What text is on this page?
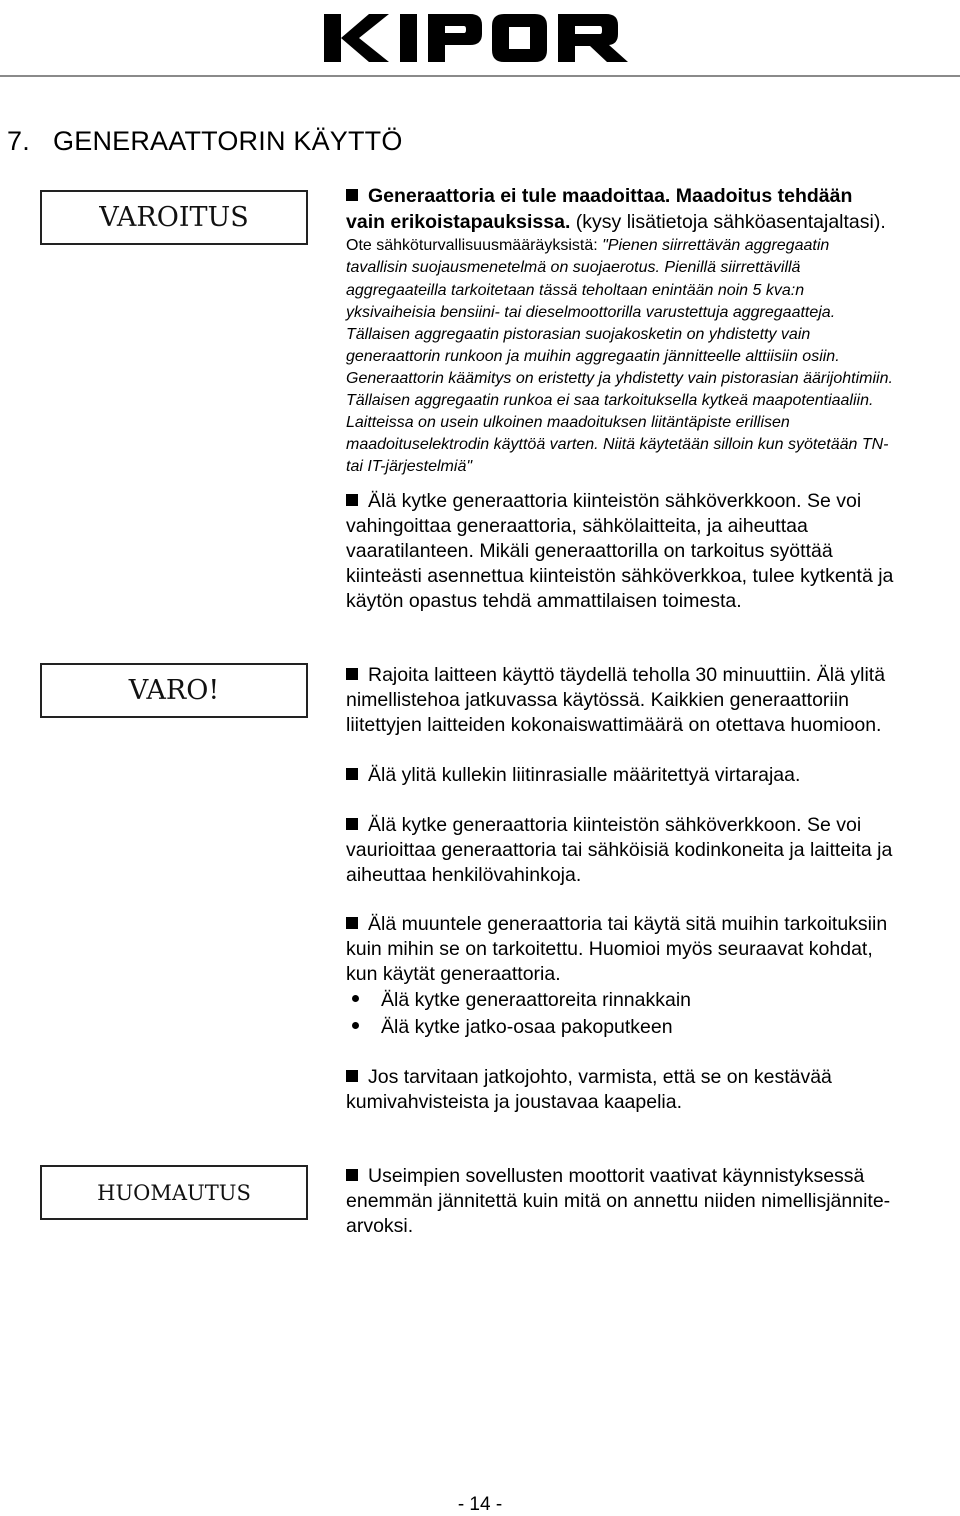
7. GENERAATTORIN KÄYTTÖ
VAROITUS
VARO!
HUOMAUTUS
Generaattoria ei tule maadoittaa. Maadoitus tehdään
vain erikoistapauksissa. (kysy lisätietoja sähköasentajaltasi).
Ote sähköturvallisuusmääräyksistä: "Pienen siirrettävän aggregaatin
tavallisin suojausmenetelmä on suojaerotus. Pienillä siirrettävillä
aggregaateilla tarkoitetaan tässä teholtaan enintään noin 5 kva:n
yksivaiheisia bensiini- tai dieselmoottorilla varustettuja aggregaatteja.
Tällaisen aggregaatin pistorasian suojakosketin on yhdistetty vain
generaattorin runkoon ja muihin aggregaatin jännitteelle alttiisiin osiin.
Generaattorin käämitys on eristetty ja yhdistetty vain pistorasian äärijohtimiin.
Tällaisen aggregaatin runkoa ei saa tarkoituksella kytkeä maapotentiaaliin.
Laitteissa on usein ulkoinen maadoituksen liitäntäpiste erillisen
maadoituselektrodin käyttöä varten. Niitä käytetään silloin kun syötetään TN-
tai IT-järjestelmiä"
Älä kytke generaattoria kiinteistön sähköverkkoon. Se voi
vahingoittaa generaattoria, sähkölaitteita, ja aiheuttaa
vaaratilanteen. Mikäli generaattorilla on tarkoitus syöttää
kiinteästi asennettua kiinteistön sähköverkkoa, tulee kytkentä ja
käytön opastus tehdä ammattilaisen toimesta.
Rajoita laitteen käyttö täydellä teholla 30 minuuttiin. Älä ylitä
nimellistehoa jatkuvassa käytössä. Kaikkien generaattoriin
liitettyjen laitteiden kokonaiswattimäärä on otettava huomioon.
Älä ylitä kullekin liitinrasialle määritettyä virtarajaa.
Älä kytke generaattoria kiinteistön sähköverkkoon. Se voi
vaurioittaa generaattoria tai sähköisiä kodinkoneita ja laitteita ja
aiheuttaa henkilövahinkoja.
Älä muuntele generaattoria tai käytä sitä muihin tarkoituksiin
kuin mihin se on tarkoitettu. Huomioi myös seuraavat kohdat,
kun käytät generaattoria.
Älä kytke generaattoreita rinnakkain
Älä kytke jatko-osaa pakoputkeen
Jos tarvitaan jatkojohto, varmista, että se on kestävää
kumivahvisteista ja joustavaa kaapelia.
Useimpien sovellusten moottorit vaativat käynnistyksessä
enemmän jännitettä kuin mitä on annettu niiden nimellisjännite-
arvoksi.
- 14 -
